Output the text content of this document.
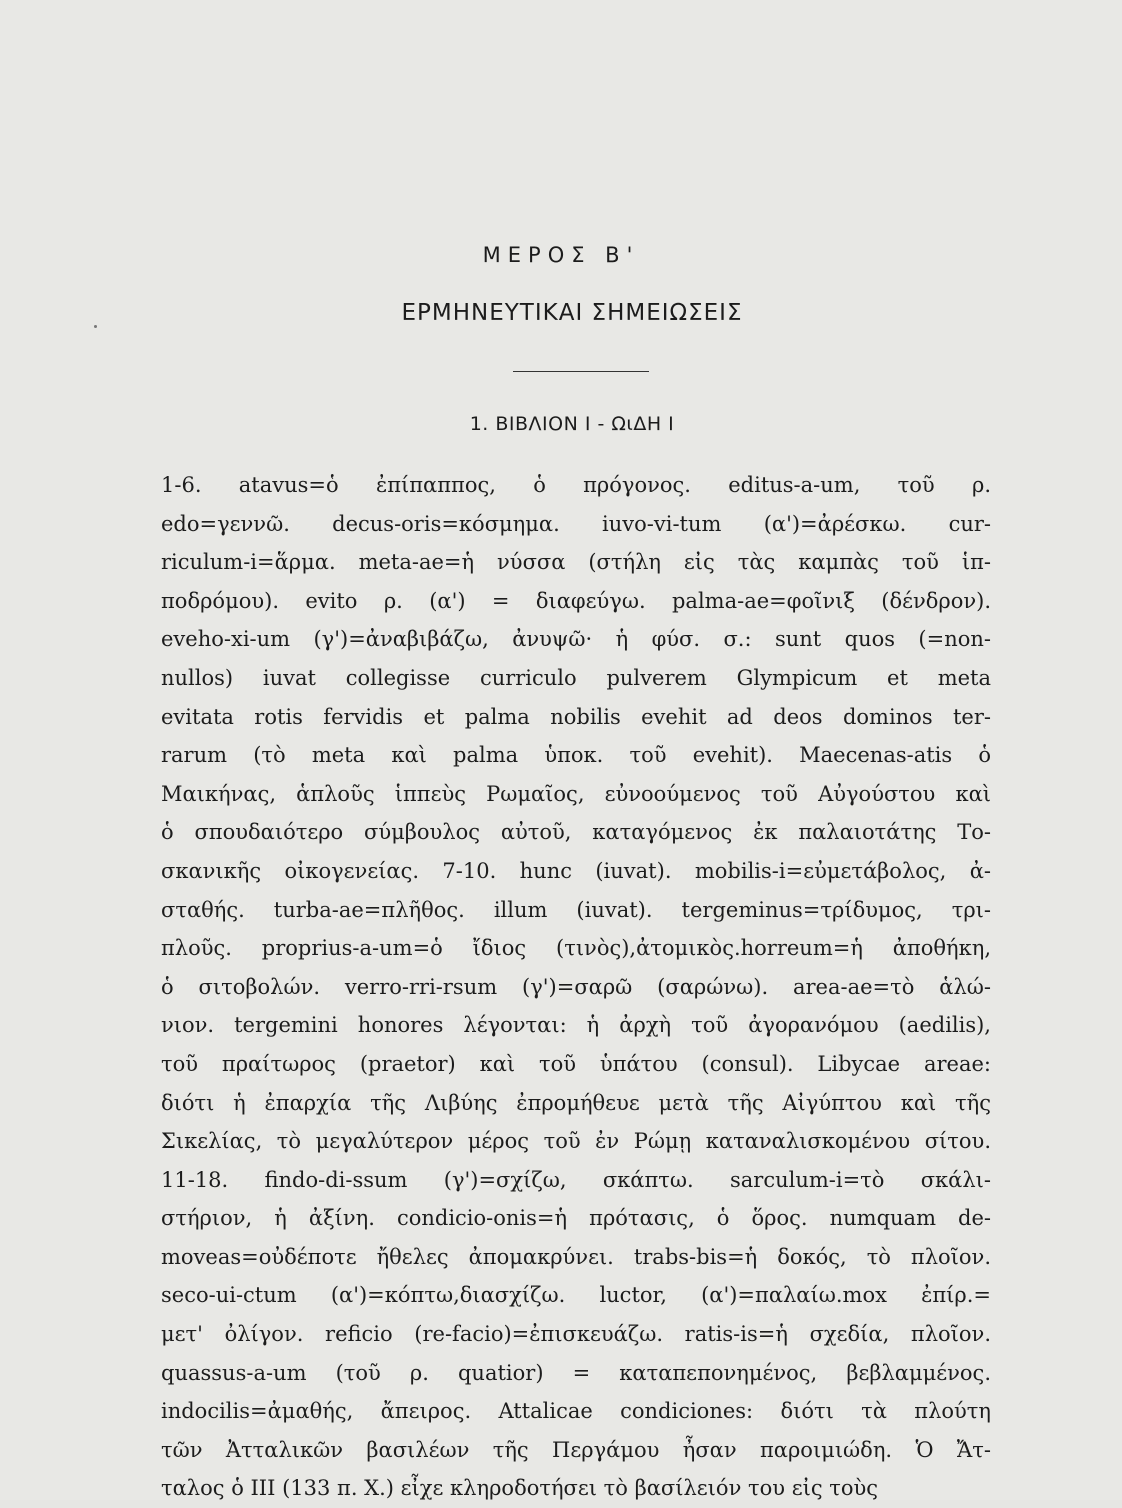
ΜΕΡΟΣ Β'
ΕΡΜΗΝΕΥΤΙΚΑΙ ΣΗΜΕΙΩΣΕΙΣ
1. ΒΙΒΛΙΟΝ Ι - ΩιΔΗ Ι
1-6. atavus=ὁ ἐπίπαππος, ὁ πρόγονος. editus-a-um, τοῦ ρ.
edo=γεννῶ. decus-oris=κόσμημα. iuvo-vi-tum (α')=ἀρέσκω. cur-
riculum-i=ἅρμα. meta-ae=ἡ νύσσα (στήλη εἰς τὰς καμπὰς τοῦ ἱπ-
ποδρόμου). evito ρ. (α') = διαφεύγω. palma-ae=φοῖνιξ (δένδρον).
eveho-xi-um (γ')=ἀναβιβάζω, ἀνυψῶ· ἡ φύσ. σ.: sunt quos (=non-
nullos) iuvat collegisse curriculo pulverem Glympicum et meta
evitata rotis fervidis et palma nobilis evehit ad deos dominos ter-
rarum (τὸ meta καὶ palma ὑποκ. τοῦ evehit). Maecenas-atis ὁ
Μαικήνας, ἁπλοῦς ἱππεὺς Ρωμαῖος, εὐνοούμενος τοῦ Αὐγούστου καὶ
ὁ σπουδαιότερο σύμβουλος αὐτοῦ, καταγόμενος ἐκ παλαιοτάτης Το-
σκανικῆς οἰκογενείας. 7-10. hunc (iuvat). mobilis-i=εὐμετάβολος, ἀ-
σταθής. turba-ae=πλῆθος. illum (iuvat). tergeminus=τρίδυμος, τρι-
πλοῦς. proprius-a-um=ὁ ἴδιος (τινὸς),ἀτομικὸς.horreum=ἡ ἀποθήκη,
ὁ σιτοβολών. verro-rri-rsum (γ')=σαρῶ (σαρώνω). area-ae=τὸ ἁλώ-
νιον. tergemini honores λέγονται: ἡ ἀρχὴ τοῦ ἀγορανόμου (aedilis),
τοῦ πραίτωρος (praetor) καὶ τοῦ ὑπάτου (consul). Libycae areae:
διότι ἡ ἐπαρχία τῆς Λιβύης ἐπρομήθευε μετὰ τῆς Αἰγύπτου καὶ τῆς
Σικελίας, τὸ μεγαλύτερον μέρος τοῦ ἐν Ρώμῃ καταναλισκομένου σίτου.
11-18. findo-di-ssum (γ')=σχίζω, σκάπτω. sarculum-i=τὸ σκάλι-
στήριον, ἡ ἀξίνη. condicio-onis=ἡ πρότασις, ὁ ὅρος. numquam de-
moveas=οὐδέποτε ἤθελες ἀπομακρύνει. trabs-bis=ἡ δοκός, τὸ πλοῖον.
seco-ui-ctum (α')=κόπτω,διασχίζω. luctor, (α')=παλαίω.mox ἐπίρ.=
μετ' ὀλίγον. reficio (re-facio)=ἐπισκευάζω. ratis-is=ἡ σχεδία, πλοῖον.
quassus-a-um (τοῦ ρ. quatior) = καταπεπονημένος, βεβλαμμένος.
indocilis=ἀμαθής, ἄπειρος. Attalicae condiciones: διότι τὰ πλούτη
τῶν Ἀτταλικῶν βασιλέων τῆς Περγάμου ἦσαν παροιμιώδη. Ὁ Ἄτ-
ταλος ὁ ΙΙΙ (133 π. Χ.) εἶχε κληροδοτήσει τὸ βασίλειόν του εἰς τοὺς
